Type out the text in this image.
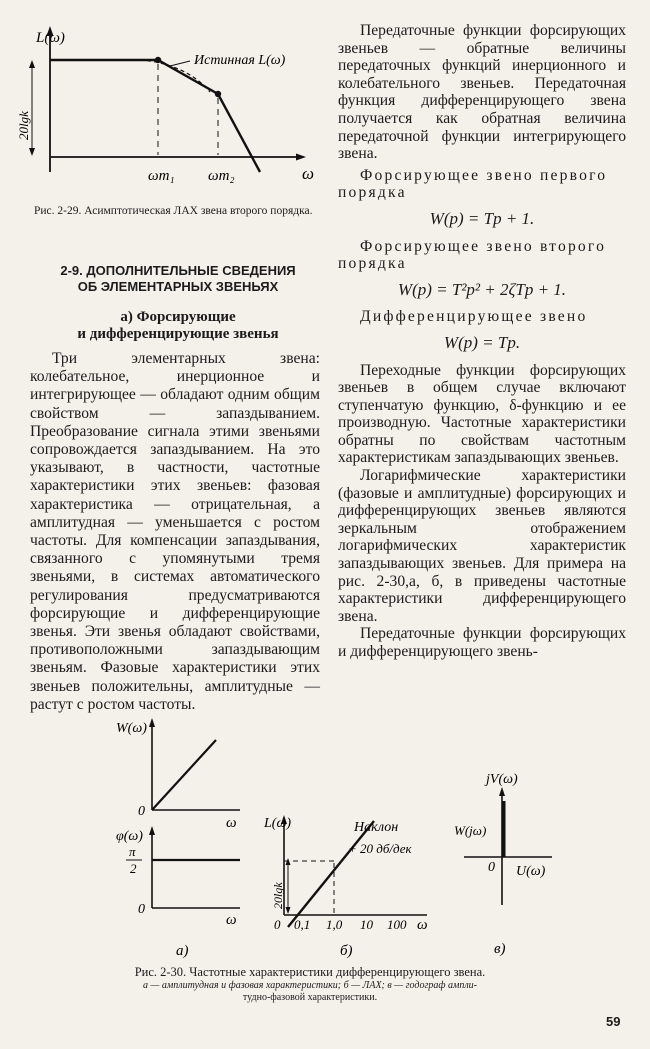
L(ω)
Истинная L(ω)
20lgk
ω
ωт₁ ωт₂
Рис. 2-29. Асимптотическая ЛАХ звена второго порядка.
2-9. ДОПОЛНИТЕЛЬНЫЕ СВЕДЕНИЯ
ОБ ЭЛЕМЕНТАРНЫХ ЗВЕНЬЯХ
а) Форсирующие
и дифференцирующие звенья

Три элементарных звена: колебательное, инерционное и интегрирующее — обладают одним общим свойством — запаздыванием. Преобразование сигнала этими звеньями сопровождается запаздыванием. На это указывают, в частности, частотные характеристики этих звеньев: фазовая характеристика — отрицательная, а амплитудная — уменьшается с ростом частоты. Для компенсации запаздывания, связанного с упомянутыми тремя звеньями, в системах автоматического регулирования предусматриваются форсирующие и дифференцирующие звенья. Эти звенья обладают свойствами, противоположными запаздывающим звеньям. Фазовые характеристики этих звеньев положительны, амплитудные — растут с ростом частоты.

Передаточные функции форсирующих звеньев — обратные величины передаточных функций инерционного и колебательного звеньев. Передаточная функция дифференцирующего звена получается как обратная величина передаточной функции интегрирующего звена.

Форсирующее звено первого порядка

W(p) = Tp + 1.

Форсирующее звено второго порядка

W(p) = T²p² + 2ζTp + 1.

Дифференцирующее звено

W(p) = Tp.

Переходные функции форсирующих звеньев в общем случае включают ступенчатую функцию, δ-функцию и ее производную. Частотные характеристики обратны по свойствам частотным характеристикам запаздывающих звеньев.

Логарифмические характеристики (фазовые и амплитудные) форсирующих и дифференцирующих звеньев являются зеркальным отображением логарифмических характеристик запаздывающих звеньев. Для примера на рис. 2-30,а, б, в приведены частотные характеристики дифференцирующего звена.

Передаточные функции форсирующих и дифференцирующего звень-

W(ω)
0
ω
φ(ω)
π
2
0
ω
а)
L(ω)	Наклон
+ 20 дб/дек
20lgk
0 0,1 1,0 10 100 ω
б)
jV(ω)
W(jω)
0 U(ω)
в)
Рис. 2-30. Частотные характеристики дифференцирующего звена.
а — амплитудная и фазовая характеристики; б — ЛАХ; в — годограф ампли-
тудно-фазовой характеристики.
59
